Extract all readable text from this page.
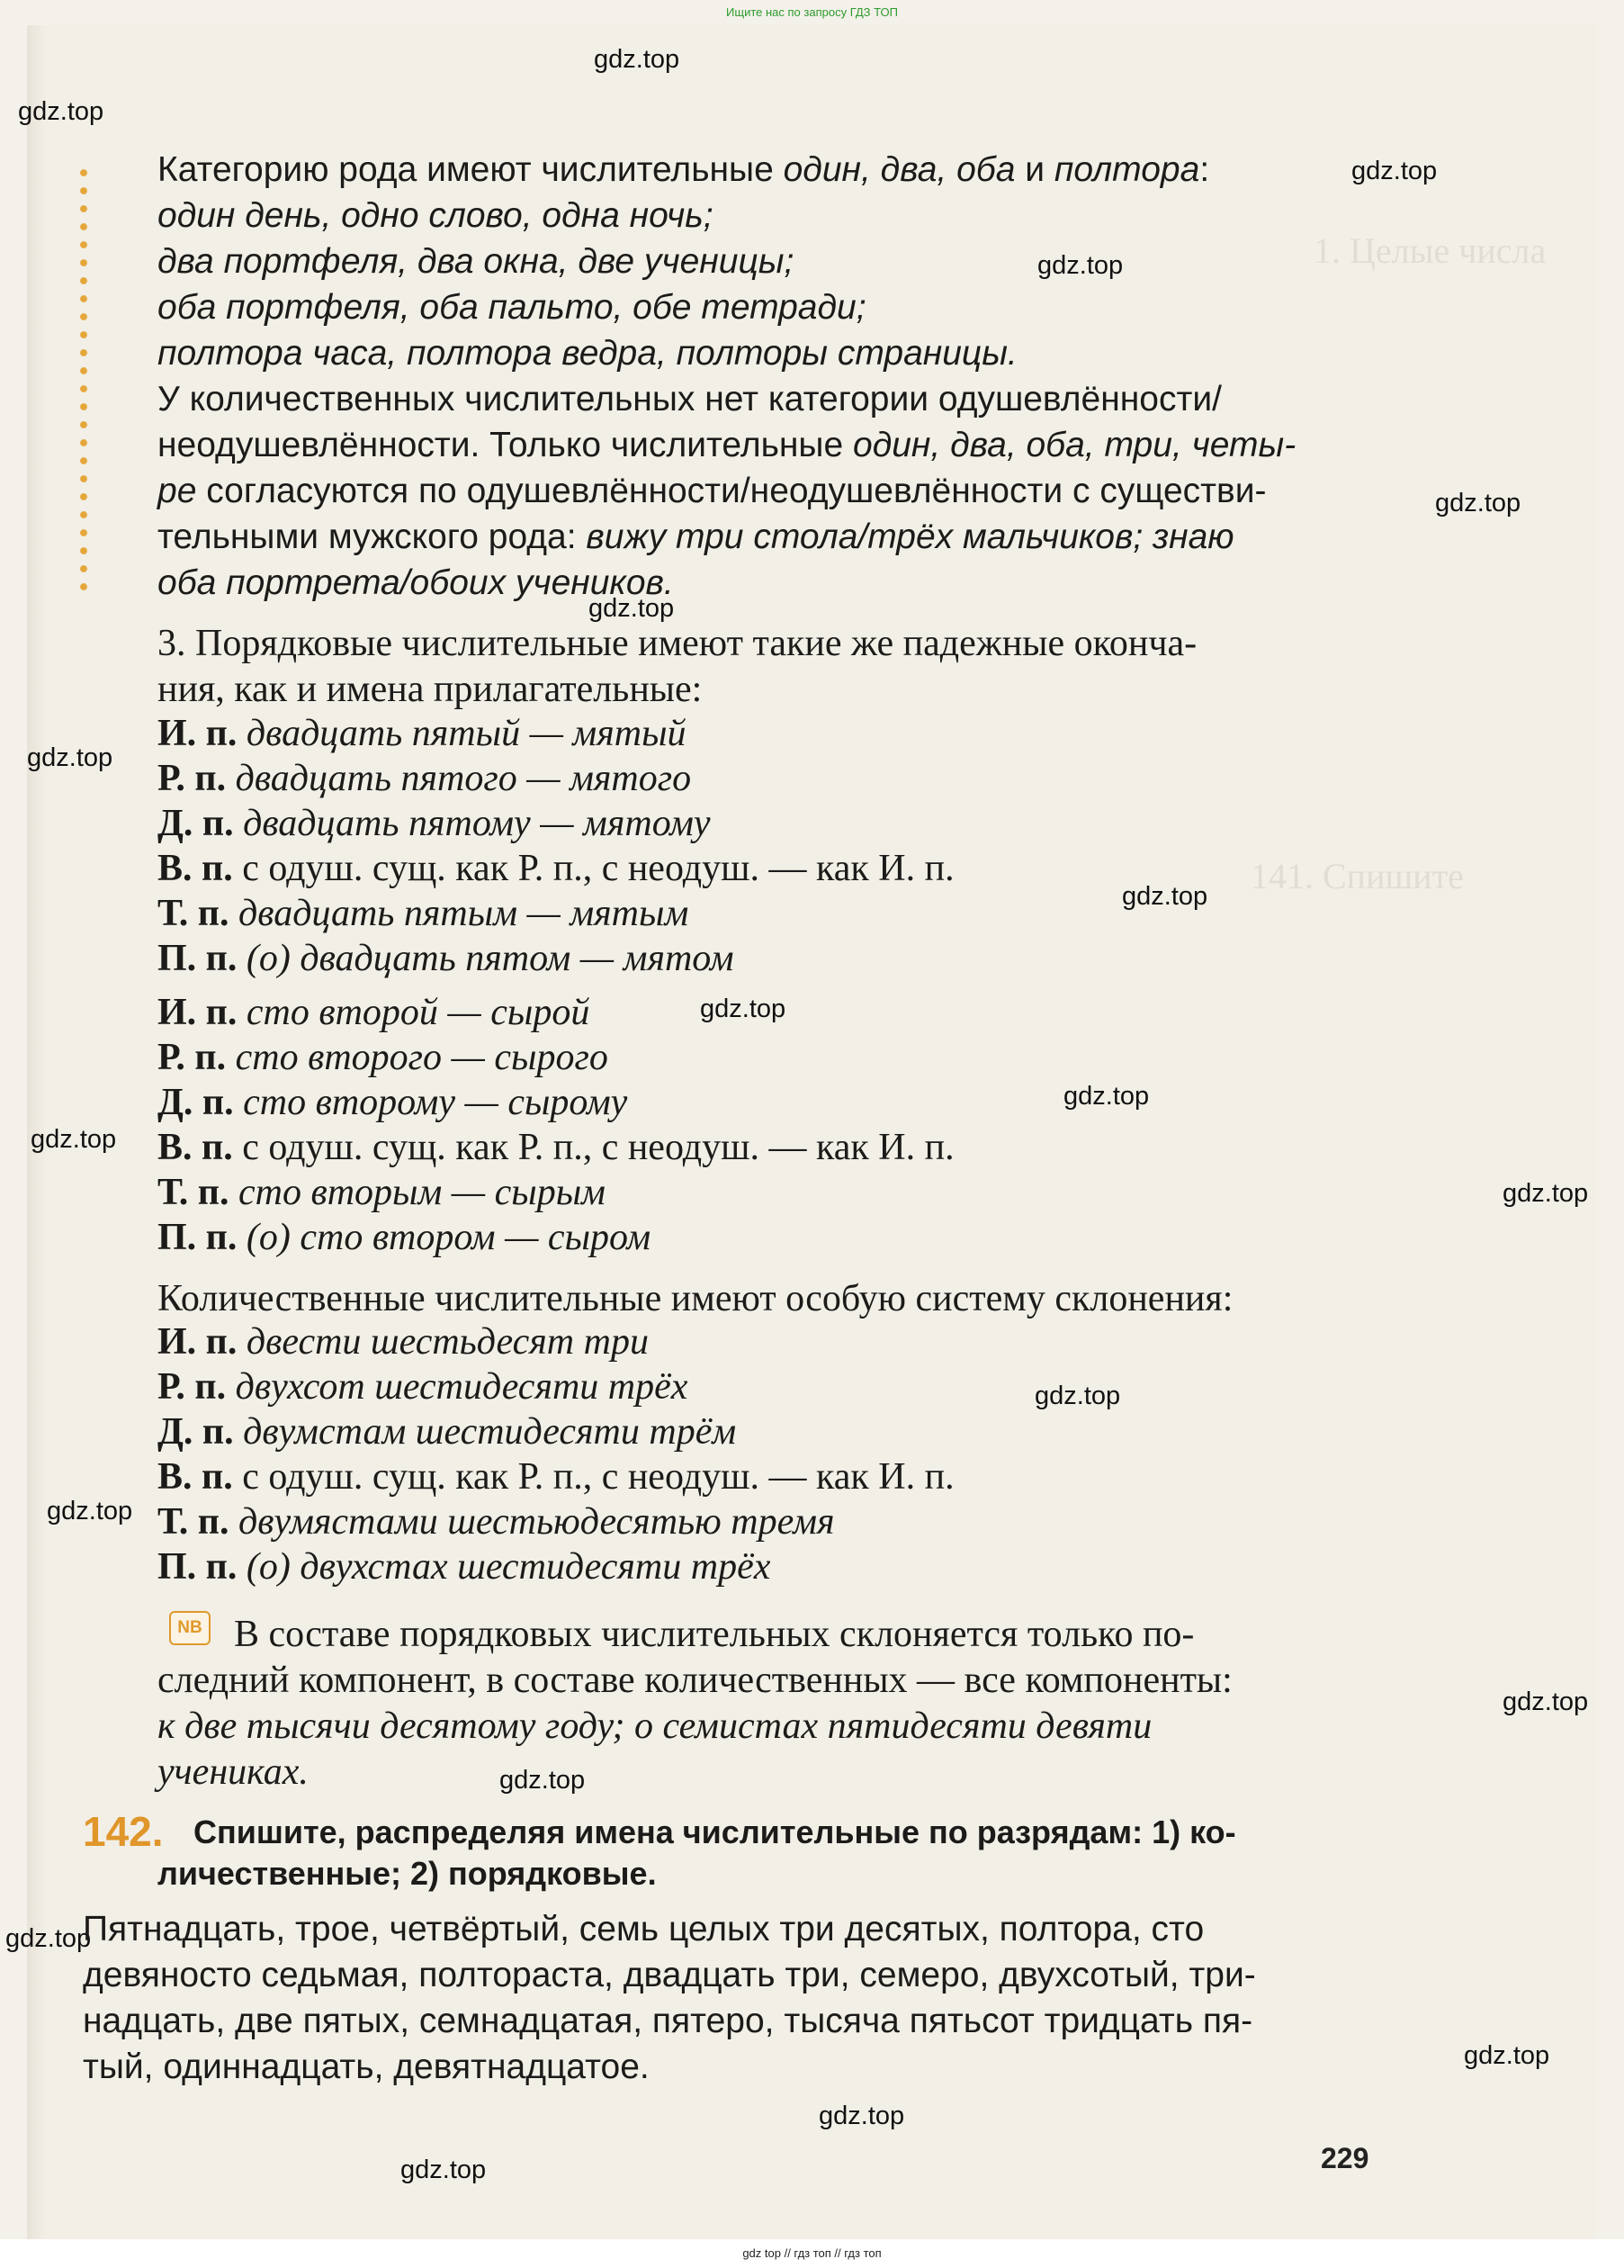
Ищите нас по запросу ГДЗ ТОП
1. Целые числа
141. Спишите
gdz.top
gdz.top
gdz.top
gdz.top
gdz.top
gdz.top
gdz.top
gdz.top
gdz.top
gdz.top
gdz.top
gdz.top
gdz.top
gdz.top
gdz.top
gdz.top
gdz.top
gdz.top
gdz.top
gdz.top
Категорию рода имеют числительные один, два, оба и полтора:
один день, одно слово, одна ночь;
два портфеля, два окна, две ученицы;
оба портфеля, оба пальто, обе тетради;
полтора часа, полтора ведра, полторы страницы.
У количественных числительных нет категории одушевлённости/
неодушевлённости. Только числительные один, два, оба, три, четы-
ре согласуются по одушевлённости/неодушевлённости с существи-
тельными мужского рода: вижу три стола/трёх мальчиков; знаю
оба портрета/обоих учеников.
3. Порядковые числительные имеют такие же падежные оконча-
ния, как и имена прилагательные:
И. п. двадцать пятый — мятый
Р. п. двадцать пятого — мятого
Д. п. двадцать пятому — мятому
В. п. с одуш. сущ. как Р. п., с неодуш. — как И. п.
Т. п. двадцать пятым — мятым
П. п. (о) двадцать пятом — мятом
И. п. сто второй — сырой
Р. п. сто второго — сырого
Д. п. сто второму — сырому
В. п. с одуш. сущ. как Р. п., с неодуш. — как И. п.
Т. п. сто вторым — сырым
П. п. (о) сто втором — сыром
Количественные числительные имеют особую систему склонения:
И. п. двести шестьдесят три
Р. п. двухсот шестидесяти трёх
Д. п. двумстам шестидесяти трём
В. п. с одуш. сущ. как Р. п., с неодуш. — как И. п.
Т. п. двумястами шестьюдесятью тремя
П. п. (о) двухстах шестидесяти трёх
NB В составе порядковых числительных склоняется только по-
следний компонент, в составе количественных — все компоненты:
к две тысячи десятому году; о семистах пятидесяти девяти
учениках.
142. Спишите, распределяя имена числительные по разрядам: 1) ко-
личественные; 2) порядковые.
Пятнадцать, трое, четвёртый, семь целых три десятых, полтора, сто
девяносто седьмая, полтораста, двадцать три, семеро, двухсотый, три-
надцать, две пятых, семнадцатая, пятеро, тысяча пятьсот тридцать пя-
тый, одиннадцать, девятнадцатое.
229
gdz top // гдз топ // гдз топ
